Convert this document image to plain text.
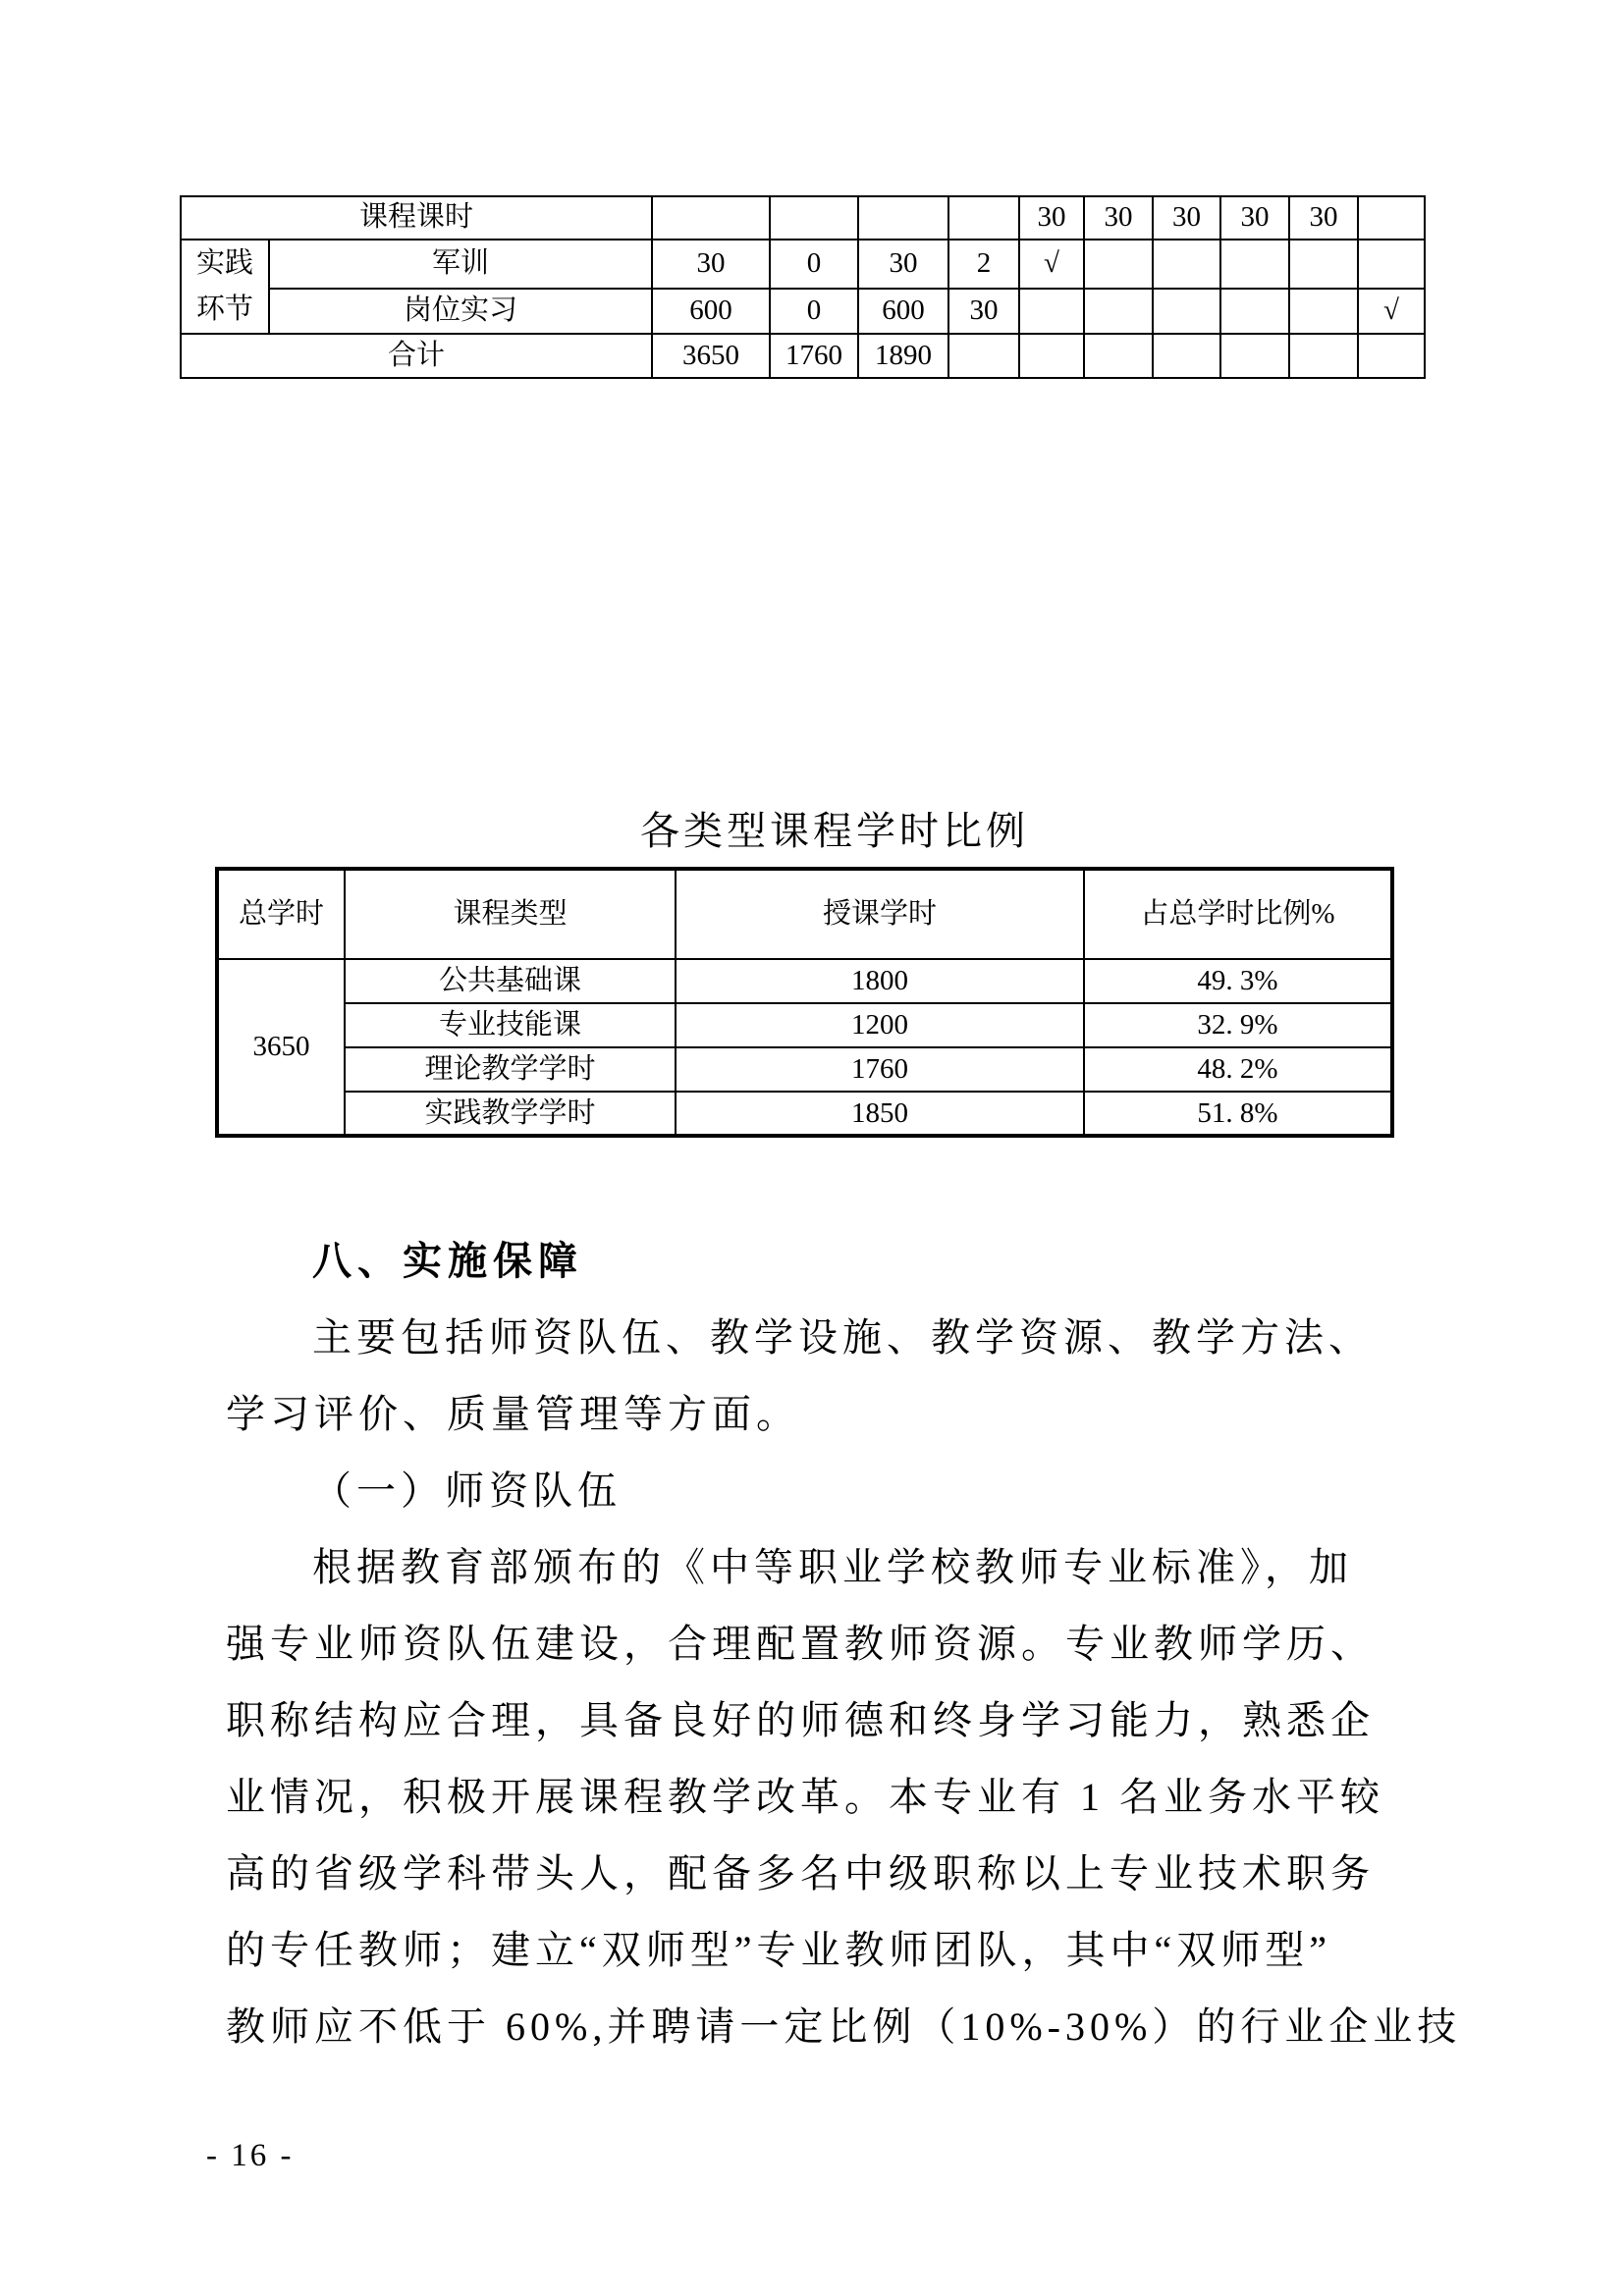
课程课时						30	30	30	30	30	

实践
环节	军训	30	0	30	2	√					
	岗位实习	600	0	600	30						√
合计		3650	1760	1890							
各类型课程学时比例
总学时	课程类型	授课学时	占总学时比例%
3650	公共基础课	1800	49. 3%
	专业技能课	1200	32. 9%
	理论教学学时	1760	48. 2%
	实践教学学时	1850	51. 8%
八、实施保障
主要包括师资队伍、教学设施、教学资源、教学方法、
学习评价、质量管理等方面。
（一）师资队伍
根据教育部颁布的《中等职业学校教师专业标准》，加
强专业师资队伍建设，合理配置教师资源。专业教师学历、
职称结构应合理，具备良好的师德和终身学习能力，熟悉企
业情况，积极开展课程教学改革。本专业有 1 名业务水平较
高的省级学科带头人，配备多名中级职称以上专业技术职务
的专任教师；建立“双师型”专业教师团队，其中“双师型”
教师应不低于 60%,并聘请一定比例（10%-30%）的行业企业技
- 16 -
